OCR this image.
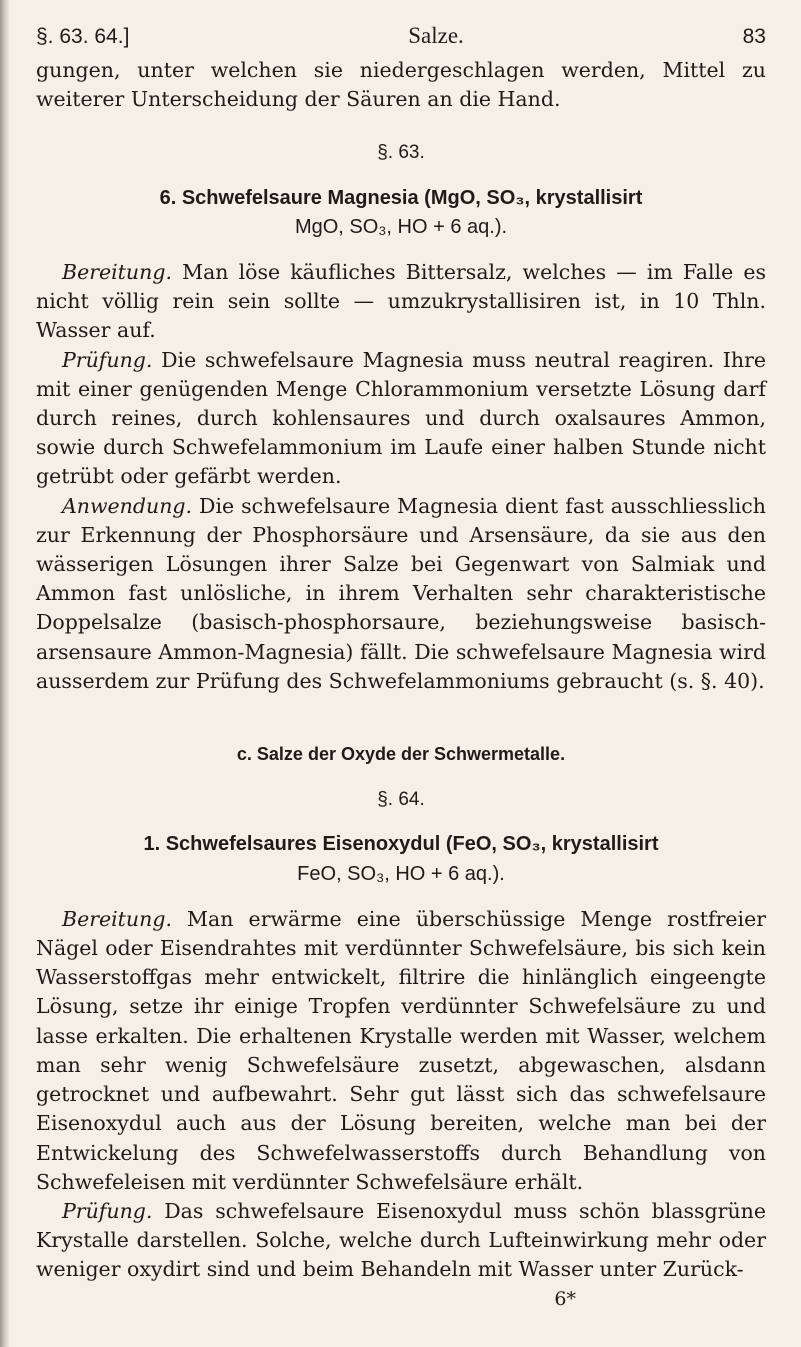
§. 63. 64.]	Salze.	83

gungen, unter welchen sie niedergeschlagen werden, Mittel zu weiterer Unterscheidung der Säuren an die Hand.

§. 63.
6. Schwefelsaure Magnesia (MgO, SO₃, krystallisirt
MgO, SO₃, HO + 6 aq.).

Bereitung. Man löse käufliches Bittersalz, welches — im Falle es nicht völlig rein sein sollte — umzukrystallisiren ist, in 10 Thln. Wasser auf.

Prüfung. Die schwefelsaure Magnesia muss neutral reagiren. Ihre mit einer genügenden Menge Chlorammonium versetzte Lösung darf durch reines, durch kohlensaures und durch oxalsaures Ammon, sowie durch Schwefelammonium im Laufe einer halben Stunde nicht getrübt oder gefärbt werden.

Anwendung. Die schwefelsaure Magnesia dient fast ausschliesslich zur Erkennung der Phosphorsäure und Arsensäure, da sie aus den wässerigen Lösungen ihrer Salze bei Gegenwart von Salmiak und Ammon fast unlösliche, in ihrem Verhalten sehr charakteristische Doppelsalze (basisch-phosphorsaure, beziehungsweise basisch-arsensaure Ammon-Magnesia) fällt. Die schwefelsaure Magnesia wird ausserdem zur Prüfung des Schwefelammoniums gebraucht (s. §. 40).

c. Salze der Oxyde der Schwermetalle.
§. 64.
1. Schwefelsaures Eisenoxydul (FeO, SO₃, krystallisirt
FeO, SO₃, HO + 6 aq.).

Bereitung. Man erwärme eine überschüssige Menge rostfreier Nägel oder Eisendrahtes mit verdünnter Schwefelsäure, bis sich kein Wasserstoffgas mehr entwickelt, filtrire die hinlänglich eingeengte Lösung, setze ihr einige Tropfen verdünnter Schwefelsäure zu und lasse erkalten. Die erhaltenen Krystalle werden mit Wasser, welchem man sehr wenig Schwefelsäure zusetzt, abgewaschen, alsdann getrocknet und aufbewahrt. Sehr gut lässt sich das schwefelsaure Eisenoxydul auch aus der Lösung bereiten, welche man bei der Entwickelung des Schwefelwasserstoffs durch Behandlung von Schwefeleisen mit verdünnter Schwefelsäure erhält.

Prüfung. Das schwefelsaure Eisenoxydul muss schön blassgrüne Krystalle darstellen. Solche, welche durch Lufteinwirkung mehr oder weniger oxydirt sind und beim Behandeln mit Wasser unter Zurück-

6*
